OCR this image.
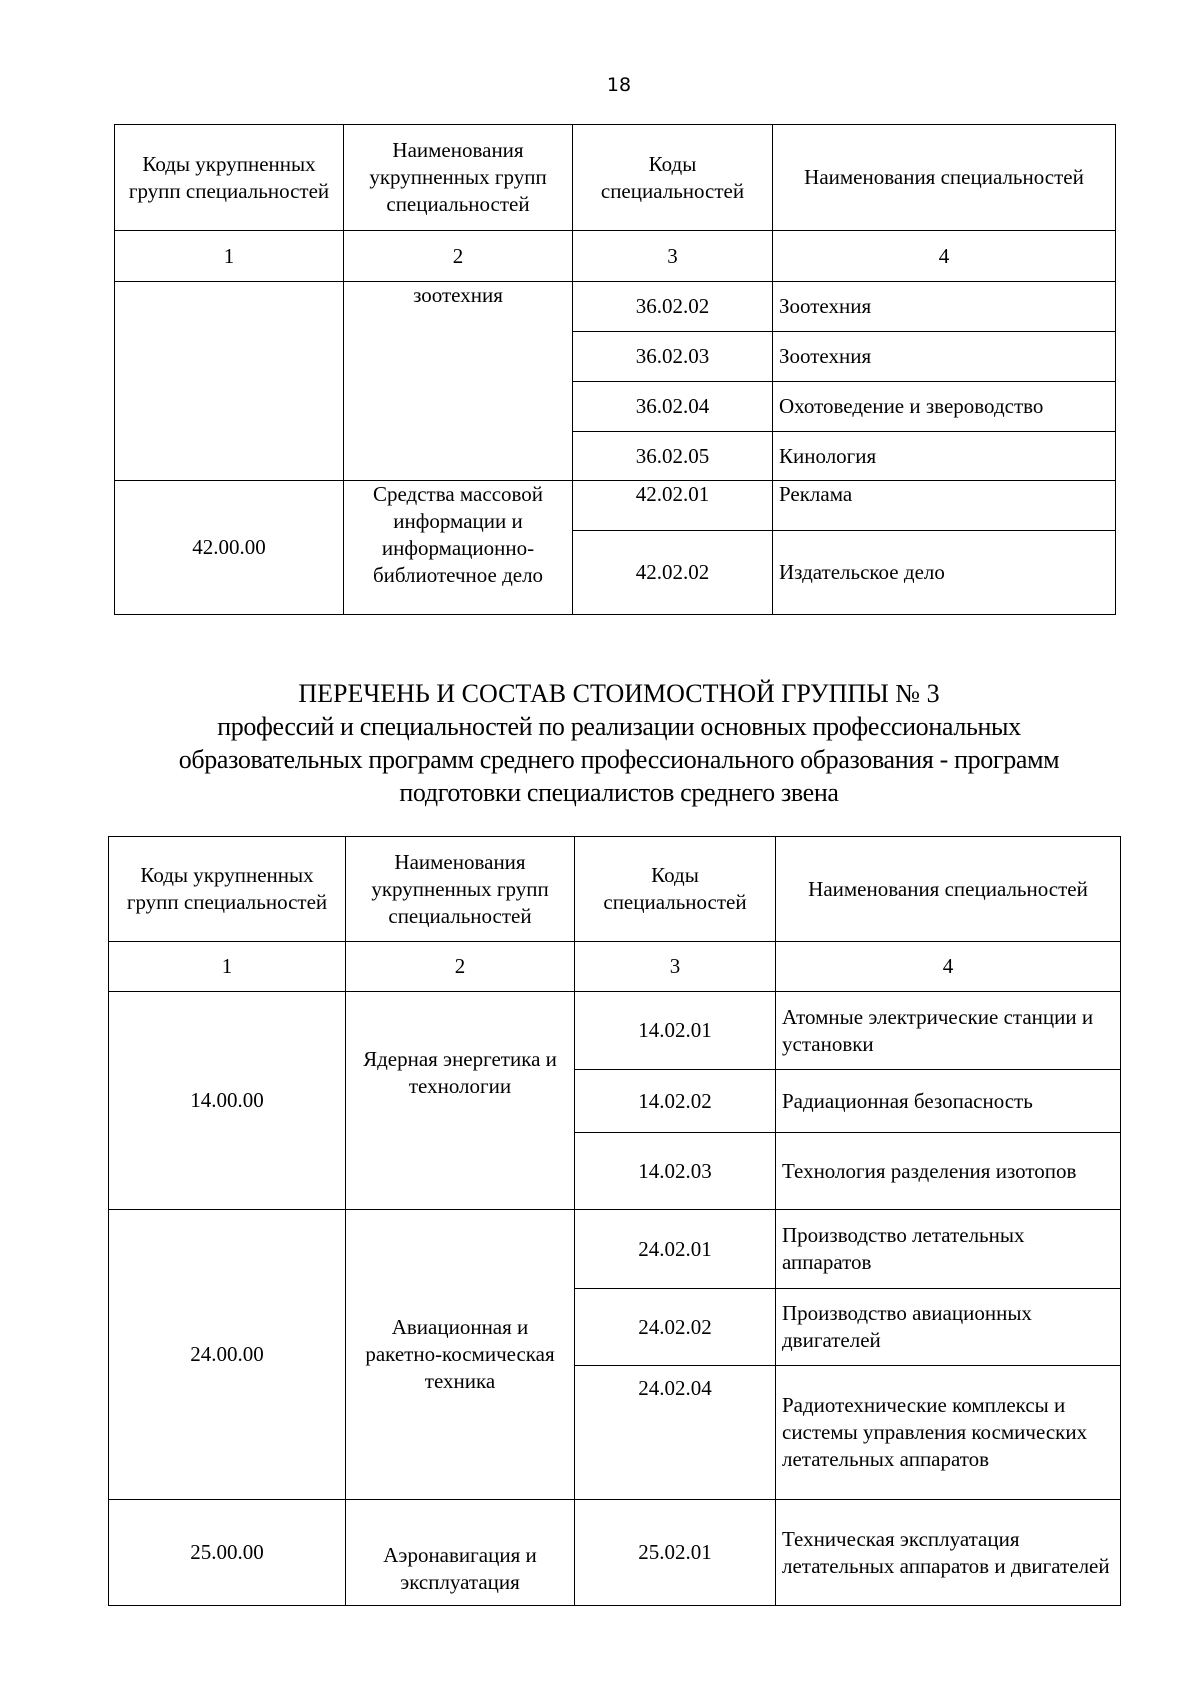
18
Коды укрупненных групп специальностей	Наименования укрупненных групп специальностей	Коды специальностей	Наименования специальностей
1	2	3	4
	зоотехния	36.02.02	Зоотехния
		36.02.03	Зоотехния
		36.02.04	Охотоведение и звероводство
		36.02.05	Кинология
42.00.00	Средства массовой информации и информационно-библиотечное дело	42.02.01	Реклама
		42.02.02	Издательское дело
ПЕРЕЧЕНЬ И СОСТАВ СТОИМОСТНОЙ ГРУППЫ № 3
профессий и специальностей по реализации основных профессиональных
образовательных программ среднего профессионального образования - программ
подготовки специалистов среднего звена
Коды укрупненных групп специальностей	Наименования укрупненных групп специальностей	Коды специальностей	Наименования специальностей
1	2	3	4
14.00.00	Ядерная энергетика и технологии	14.02.01	Атомные электрические станции и установки
		14.02.02	Радиационная безопасность
		14.02.03	Технология разделения изотопов
24.00.00	Авиационная и ракетно-космическая техника	24.02.01	Производство летательных аппаратов
		24.02.02	Производство авиационных двигателей
		24.02.04	Радиотехнические комплексы и системы управления космических летательных аппаратов
25.00.00	Аэронавигация и эксплуатация	25.02.01	Техническая эксплуатация летательных аппаратов и двигателей
